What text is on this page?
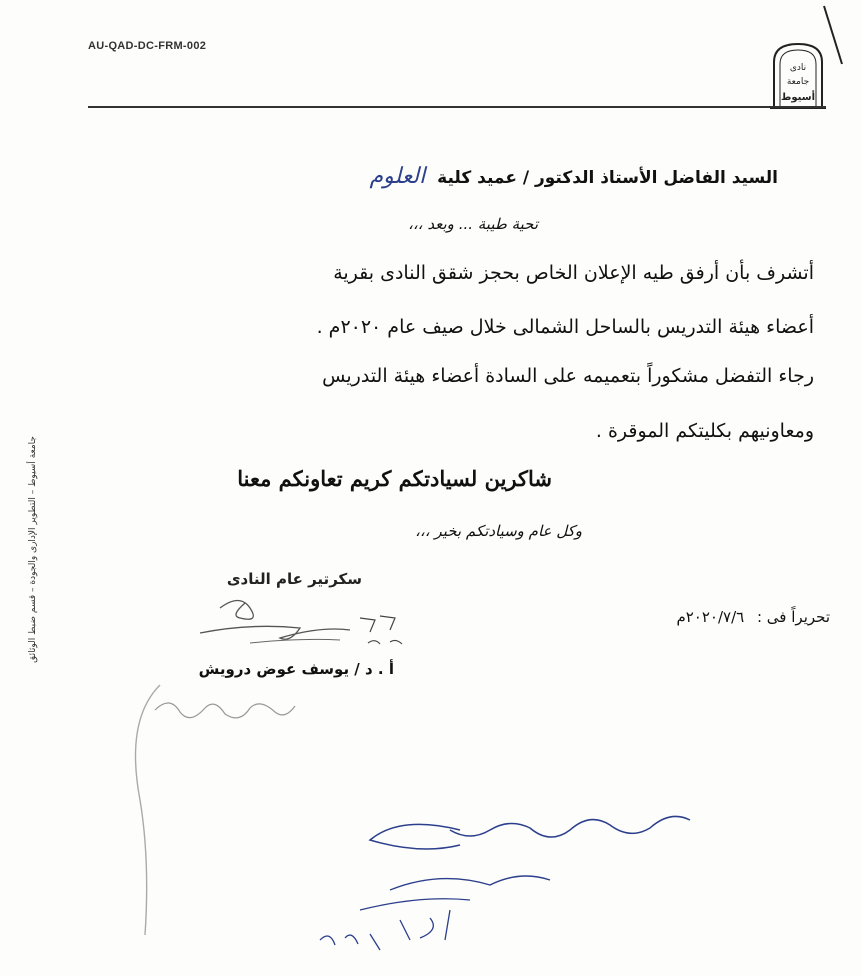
AU-QAD-DC-FRM-002
نادى
جامعة
أسيوط
السيد الفاضل الأستاذ الدكتور / عميد كلية العلوم
تحية طيبة ... وبعد ،،،
أتشرف بأن أرفق طيه الإعلان الخاص بحجز شقق النادى بقرية
أعضاء هيئة التدريس بالساحل الشمالى خلال صيف عام ٢٠٢٠م .
رجاء التفضل مشكوراً بتعميمه على السادة أعضاء هيئة التدريس
ومعاونيهم بكليتكم الموقرة .
شاكرين لسيادتكم كريم تعاونكم معنا
وكل عام وسيادتكم بخير ،،،
سكرتير عام النادى
أ . د / يوسف عوض درويش
تحريراً فى : ٢٠٢٠/٧/٦م
جامعة أسيوط – التطوير الإدارى والجودة – قسم ضبط الوثائق
